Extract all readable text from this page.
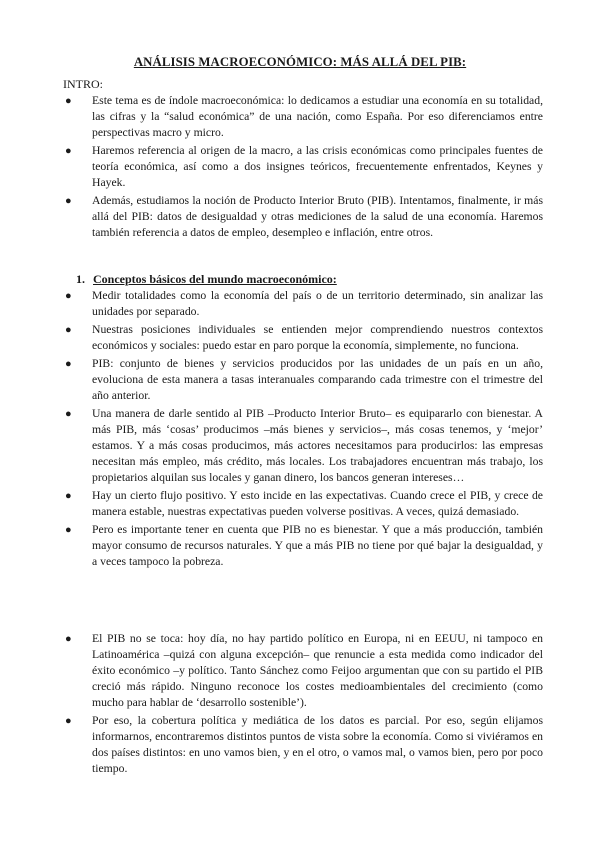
ANÁLISIS MACROECONÓMICO: MÁS ALLÁ DEL PIB:
INTRO:
● Este tema es de índole macroeconómica: lo dedicamos a estudiar una economía en su totalidad, las cifras y la “salud económica” de una nación, como España. Por eso diferenciamos entre perspectivas macro y micro.
● Haremos referencia al origen de la macro, a las crisis económicas como principales fuentes de teoría económica, así como a dos insignes teóricos, frecuentemente enfrentados, Keynes y Hayek.
● Además, estudiamos la noción de Producto Interior Bruto (PIB). Intentamos, finalmente, ir más allá del PIB: datos de desigualdad y otras mediciones de la salud de una economía. Haremos también referencia a datos de empleo, desempleo e inflación, entre otros.
1. Conceptos básicos del mundo macroeconómico:
● Medir totalidades como la economía del país o de un territorio determinado, sin analizar las unidades por separado.
● Nuestras posiciones individuales se entienden mejor comprendiendo nuestros contextos económicos y sociales: puedo estar en paro porque la economía, simplemente, no funciona.
● PIB: conjunto de bienes y servicios producidos por las unidades de un país en un año, evoluciona de esta manera a tasas interanuales comparando cada trimestre con el trimestre del año anterior.
● Una manera de darle sentido al PIB –Producto Interior Bruto– es equipararlo con bienestar. A más PIB, más ‘cosas’ producimos –más bienes y servicios–, más cosas tenemos, y ‘mejor’ estamos. Y a más cosas producimos, más actores necesitamos para producirlos: las empresas necesitan más empleo, más crédito, más locales. Los trabajadores encuentran más trabajo, los propietarios alquilan sus locales y ganan dinero, los bancos generan intereses…
● Hay un cierto flujo positivo. Y esto incide en las expectativas. Cuando crece el PIB, y crece de manera estable, nuestras expectativas pueden volverse positivas. A veces, quizá demasiado.
● Pero es importante tener en cuenta que PIB no es bienestar. Y que a más producción, también mayor consumo de recursos naturales. Y que a más PIB no tiene por qué bajar la desigualdad, y a veces tampoco la pobreza.
● El PIB no se toca: hoy día, no hay partido político en Europa, ni en EEUU, ni tampoco en Latinoamérica –quizá con alguna excepción– que renuncie a esta medida como indicador del éxito económico –y político. Tanto Sánchez como Feijoo argumentan que con su partido el PIB creció más rápido. Ninguno reconoce los costes medioambientales del crecimiento (como mucho para hablar de ‘desarrollo sostenible’).
● Por eso, la cobertura política y mediática de los datos es parcial. Por eso, según elijamos informarnos, encontraremos distintos puntos de vista sobre la economía. Como si viviéramos en dos países distintos: en uno vamos bien, y en el otro, o vamos mal, o vamos bien, pero por poco tiempo.
